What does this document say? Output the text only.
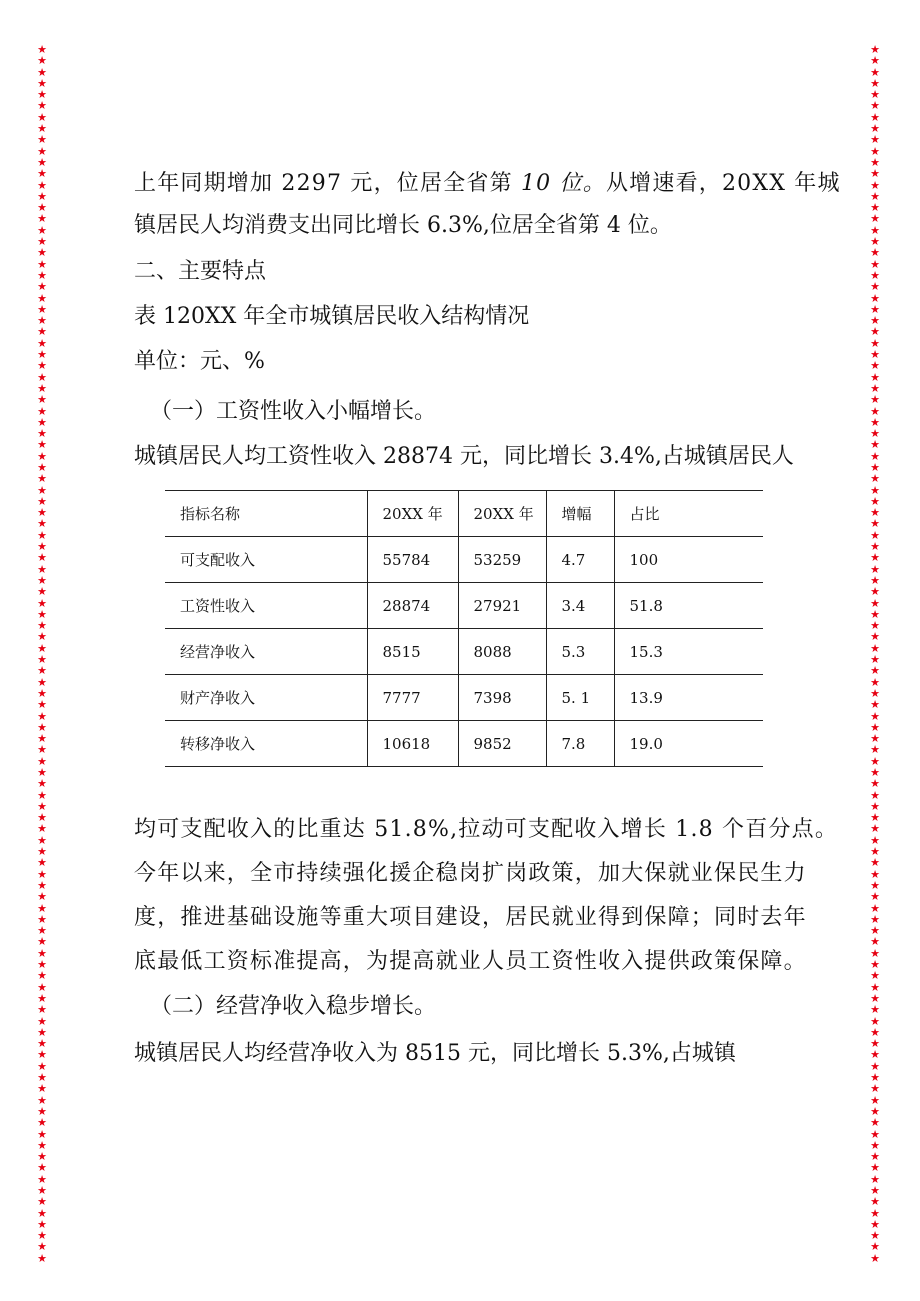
★
★
★
★
★
★
★
★
★
★
★
★
★
★
★
★
★
★
★
★
★
★
★
★
★
★
★
★
★
★
★
★
★
★
★
★
★
★
★
★
★
★
★
★
★
★
★
★
★
★
★
★
★
★
★
★
★
★
★
★
★
★
★
★
★
★
★
★
★
★
★
★
★
★
★
★
★
★
★
★
★
★
★
★
★
★
★
★
★
★
★
★
★
★
★
★
★
★
★
★
★
★
★
★
★
★
★
★
★
★
★
★
★
★
★
★
★
★
★
★
★
★
★
★
★
★
★
★
★
★
★
★
★
★
★
★
★
★
★
★
★
★
★
★
★
★
★
★
★
★
★
★
★
★
★
★
★
★
★
★
★
★
★
★
★
★
★
★
★
★
★
★
★
★
★
★
★
★
★
★
★
★
★
★
★
★
★
★
★
★
★
★
★
★
★
★
★
★
★
★
★
★
★
★
★
★
★
★
★
★
★
★
★
★
★
★
上年同期增加 2297 元，位居全省第 10 位。从增速看，20XX 年城
镇居民人均消费支出同比增长 6.3%,位居全省第 4 位。
二、主要特点
表 120XX 年全市城镇居民收入结构情况
单位：元、%
（一）工资性收入小幅增长。
城镇居民人均工资性收入 28874 元，同比增长 3.4%,占城镇居民人
指标名称	20XX 年	20XX 年	增幅	占比
可支配收入	55784	53259	4.7	100
工资性收入	28874	27921	3.4	51.8
经营净收入	8515	8088	5.3	15.3
财产净收入	7777	7398	5. 1	13.9
转移净收入	10618	9852	7.8	19.0
均可支配收入的比重达 51.8%,拉动可支配收入增长 1.8 个百分点。
今年以来，全市持续强化援企稳岗扩岗政策，加大保就业保民生力
度，推进基础设施等重大项目建设，居民就业得到保障；同时去年
底最低工资标准提高，为提高就业人员工资性收入提供政策保障。
（二）经营净收入稳步增长。
城镇居民人均经营净收入为 8515 元，同比增长 5.3%,占城镇
